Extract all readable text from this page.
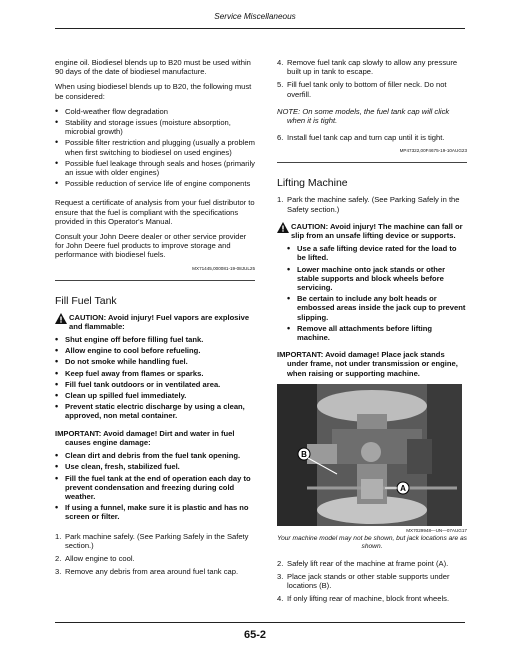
Service Miscellaneous

engine oil. Biodiesel blends up to B20 must be used within 90 days of the date of biodiesel manufacture.

When using biodiesel blends up to B20, the following must be considered:

• Cold-weather flow degradation
• Stability and storage issues (moisture absorption, microbial growth)
• Possible filter restriction and plugging (usually a problem when first switching to biodiesel on used engines)
• Possible fuel leakage through seals and hoses (primarily an issue with older engines)
• Possible reduction of service life of engine components

Request a certificate of analysis from your fuel distributor to ensure that the fuel is compliant with the specifications provided in this Operator's Manual.

Consult your John Deere dealer or other service provider for John Deere fuel products to improve storage and performance with biodiesel fuels.

MX71445,000081-19-08JUL25
Fill Fuel Tank
CAUTION: Avoid injury! Fuel vapors are explosive and flammable:
• Shut engine off before filling fuel tank.
• Allow engine to cool before refueling.
• Do not smoke while handling fuel.
• Keep fuel away from flames or sparks.
• Fill fuel tank outdoors or in ventilated area.
• Clean up spilled fuel immediately.
• Prevent static electric discharge by using a clean, approved, non metal container.
IMPORTANT: Avoid damage! Dirt and water in fuel causes engine damage:
• Clean dirt and debris from the fuel tank opening.
• Use clean, fresh, stabilized fuel.
• Fill the fuel tank at the end of operation each day to prevent condensation and freezing during cold weather.
• If using a funnel, make sure it is plastic and has no screen or filter.
1. Park machine safely. (See Parking Safely in the Safety section.)
2. Allow engine to cool.
3. Remove any debris from area around fuel tank cap.
4. Remove fuel tank cap slowly to allow any pressure built up in tank to escape.
5. Fill fuel tank only to bottom of filler neck. Do not overfill.

NOTE: On some models, the fuel tank cap will click when it is tight.

6. Install fuel tank cap and turn cap until it is tight.
MP47322,00F4675-19-10AUG23
Lifting Machine
1. Park the machine safely. (See Parking Safely in the Safety section.)
CAUTION: Avoid injury! The machine can fall or slip from an unsafe lifting device or supports.
• Use a safe lifting device rated for the load to be lifted.
• Lower machine onto jack stands or other stable supports and block wheels before servicing.
• Be certain to include any bolt heads or embossed areas inside the jack cup to prevent slipping.
• Remove all attachments before lifting machine.
IMPORTANT: Avoid damage! Place jack stands under frame, not under transmission or engine, when raising or supporting machine.
B
A
MX7029948—UN—07AUG17
Your machine model may not be shown, but jack locations are as shown.
2. Safely lift rear of the machine at frame point (A).
3. Place jack stands or other stable supports under locations (B).
4. If only lifting rear of machine, block front wheels.
65-2
